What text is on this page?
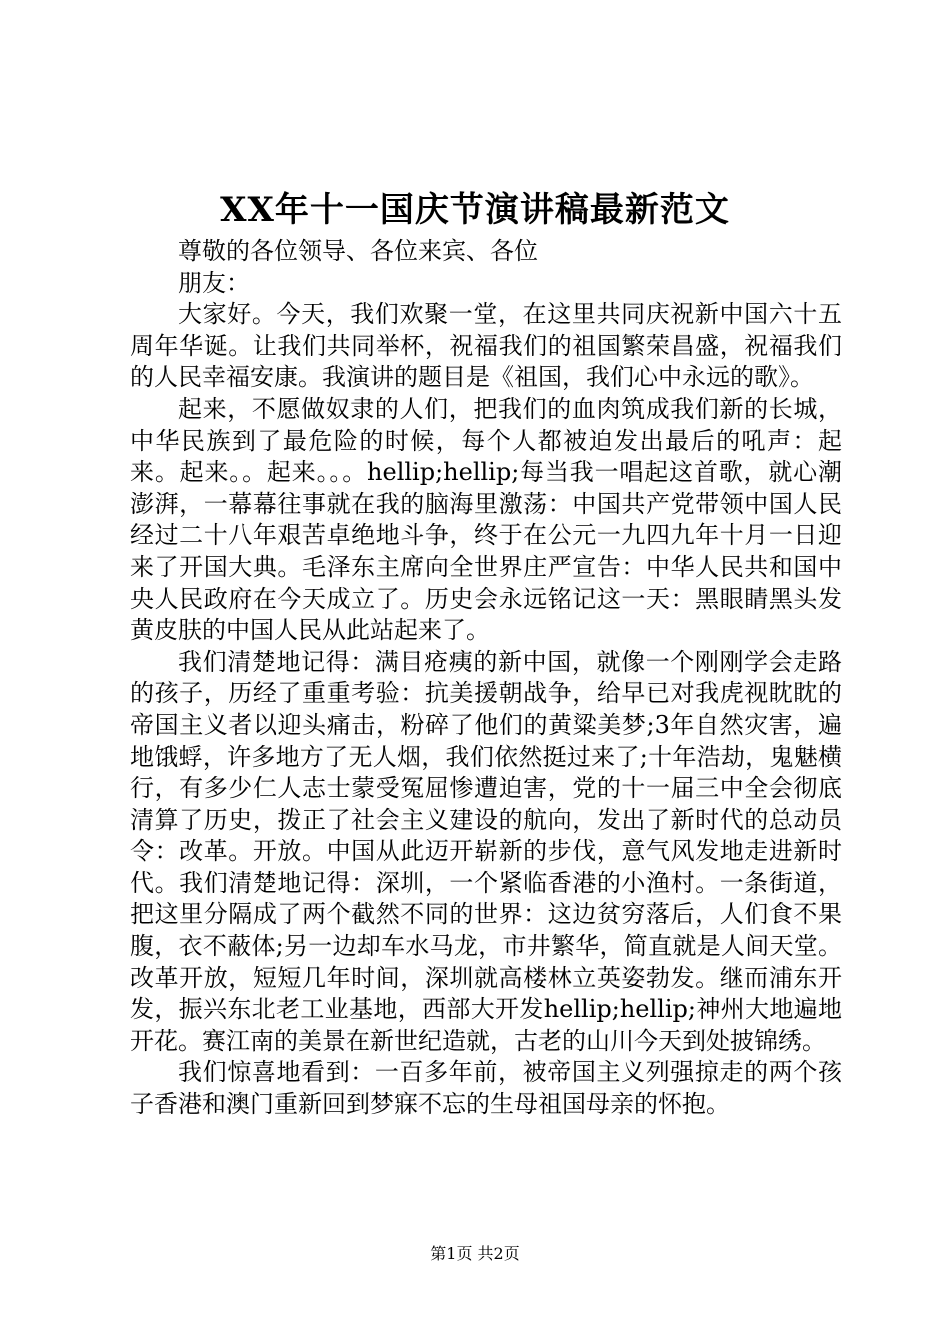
XX年十一国庆节演讲稿最新范文

尊敬的各位领导、各位来宾、各位

朋友：

大家好。今天，我们欢聚一堂，在这里共同庆祝新中国六十五周年华诞。让我们共同举杯，祝福我们的祖国繁荣昌盛，祝福我们的人民幸福安康。我演讲的题目是《祖国，我们心中永远的歌》。

起来，不愿做奴隶的人们，把我们的血肉筑成我们新的长城，中华民族到了最危险的时候，每个人都被迫发出最后的吼声：起来。起来。。起来。。。hellip;hellip;每当我一唱起这首歌，就心潮澎湃，一幕幕往事就在我的脑海里激荡：中国共产党带领中国人民经过二十八年艰苦卓绝地斗争，终于在公元一九四九年十月一日迎来了开国大典。毛泽东主席向全世界庄严宣告：中华人民共和国中央人民政府在今天成立了。历史会永远铭记这一天：黑眼睛黑头发黄皮肤的中国人民从此站起来了。

我们清楚地记得：满目疮痍的新中国，就像一个刚刚学会走路的孩子，历经了重重考验：抗美援朝战争，给早已对我虎视眈眈的帝国主义者以迎头痛击，粉碎了他们的黄粱美梦;3年自然灾害，遍地饿蜉，许多地方了无人烟，我们依然挺过来了;十年浩劫，鬼魅横行，有多少仁人志士蒙受冤屈惨遭迫害，党的十一届三中全会彻底清算了历史，拨正了社会主义建设的航向，发出了新时代的总动员令：改革。开放。中国从此迈开崭新的步伐，意气风发地走进新时代。我们清楚地记得：深圳，一个紧临香港的小渔村。一条街道，把这里分隔成了两个截然不同的世界：这边贫穷落后，人们食不果腹，衣不蔽体;另一边却车水马龙，市井繁华，简直就是人间天堂。改革开放，短短几年时间，深圳就高楼林立英姿勃发。继而浦东开发，振兴东北老工业基地，西部大开发hellip;hellip;神州大地遍地开花。赛江南的美景在新世纪造就，古老的山川今天到处披锦绣。

我们惊喜地看到：一百多年前，被帝国主义列强掠走的两个孩子香港和澳门重新回到梦寐不忘的生母祖国母亲的怀抱。

第1页 共2页
